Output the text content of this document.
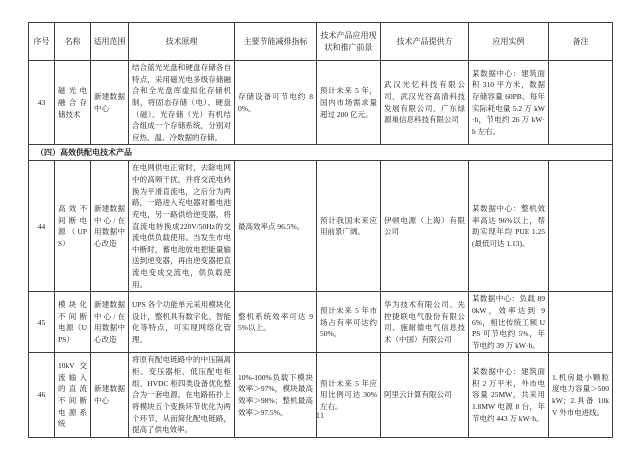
序号	名称	适用范围	技术原理	主要节能减排指标	技术产品应用现状和推广前景	技术产品提供方	应用实例	备注
43	磁光电融合存储技术	新建数据中心	结合蓝光光盘和硬盘存储各自特点，采用磁光电多级存储融合和全光盘库虚拟化存储机制，将固态存储（电）、硬盘（磁）、光存储（光）有机结合组成一个存储系统，分别对应热、温、冷数据的存储。	存储设备可节电约 80%。	预计未来 5 年，国内市场需求量超过 200 亿元。	武汉光忆科技有限公司、武汉光谷高清科技发展有限公司、广东绿源巢信息科技有限公司	某数据中心：建筑面积 310 平方米，数据存储容量 60PB、每年实际耗电量 5.2 万 kW·h，节电约 26 万 kW·h 左右。	
（四）高效供配电技术产品								
44	高效不间断电源（UPS）	新建数据中心/在用数据中心改造	在电网供电正常时，去除电网中的高频干扰，并将交流电转换为平滑直流电，之后分为两路，一路进入充电器对蓄电池充电，另一路供给逆变器，将直流电转换成220V/50Hz的交流电供负载使用。当发生市电中断时，蓄电池放电把能量输送到逆变器，再由逆变器把直流电变成交流电，供负载使用。	最高效率点 96.5%。	预计我国未来应用前景广阔。	伊顿电源（上海）有限公司	某数据中心：整机效率高达 96%以上，帮助实现年均 PUE 1.25(最低可达 1.13)。	
45	模块化不间断电源（UPS）	新建数据中心/在用数据中心改造	UPS 各个功能单元采用模块化设计，整机具有数字化、智能化等特点，可实现网络化管理。	整机系统效率可达 95%以上。	预计未来 5 年市场占有率可达约 50%。	华为技术有限公司、先控捷联电气股份有限公司、施耐德电气信息技术（中国）有限公司	某数据中心：负载 890kW，效率达到 96%，相比传统工频 UPS 可节电约 5%，年节电约 39 万 kW·h。	
46	10kV交流输入的直流不间断电源系统	新建数据中心	将原有配电链路中的中压隔离柜、变压器柜、低压配电柜组、HVDC 柜四类设备优化整合为一套电源。在电路拓扑上将模块五个变换环节优化为两个环节，从而简化配电链路，提高了供电效率。	10%-100%负载下模块效率＞97%，模块最高效率＞98%；整机最高效率＞97.5%。	预计未来 5 年应用比例可达 30%左右。	阿里云计算有限公司	某数据中心：建筑面积 2 万平米，外市电容量 25MW，共采用 1.8MW 电源 8 台，年节电约 443 万 kW·h。	1.机房最小颗粒度电力容量＞500kW；2.具备 10kV 外市电进线。
11
